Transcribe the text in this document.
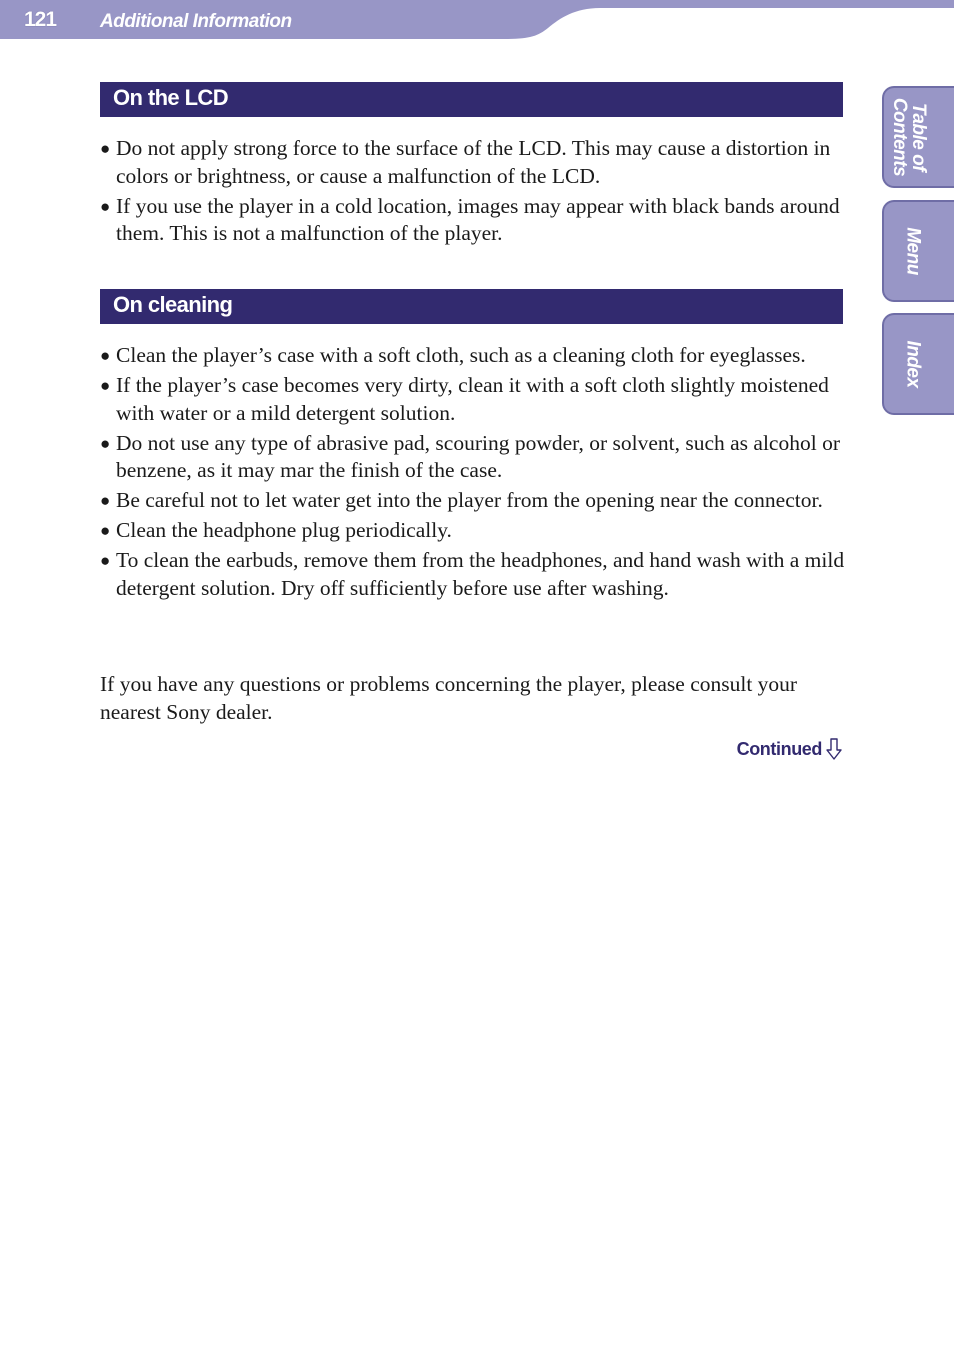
121 Additional Information
Table of
Contents
Menu
Index
On the LCD
● Do not apply strong force to the surface of the LCD. This may cause a distortion in colors or brightness, or cause a malfunction of the LCD.
● If you use the player in a cold location, images may appear with black bands around them. This is not a malfunction of the player.
On cleaning
● Clean the player’s case with a soft cloth, such as a cleaning cloth for eyeglasses.
● If the player’s case becomes very dirty, clean it with a soft cloth slightly moistened with water or a mild detergent solution.
● Do not use any type of abrasive pad, scouring powder, or solvent, such as alcohol or benzene, as it may mar the finish of the case.
● Be careful not to let water get into the player from the opening near the connector.
● Clean the headphone plug periodically.
● To clean the earbuds, remove them from the headphones, and hand wash with a mild detergent solution. Dry off sufficiently before use after washing.

If you have any questions or problems concerning the player, please consult your nearest Sony dealer.

Continued
